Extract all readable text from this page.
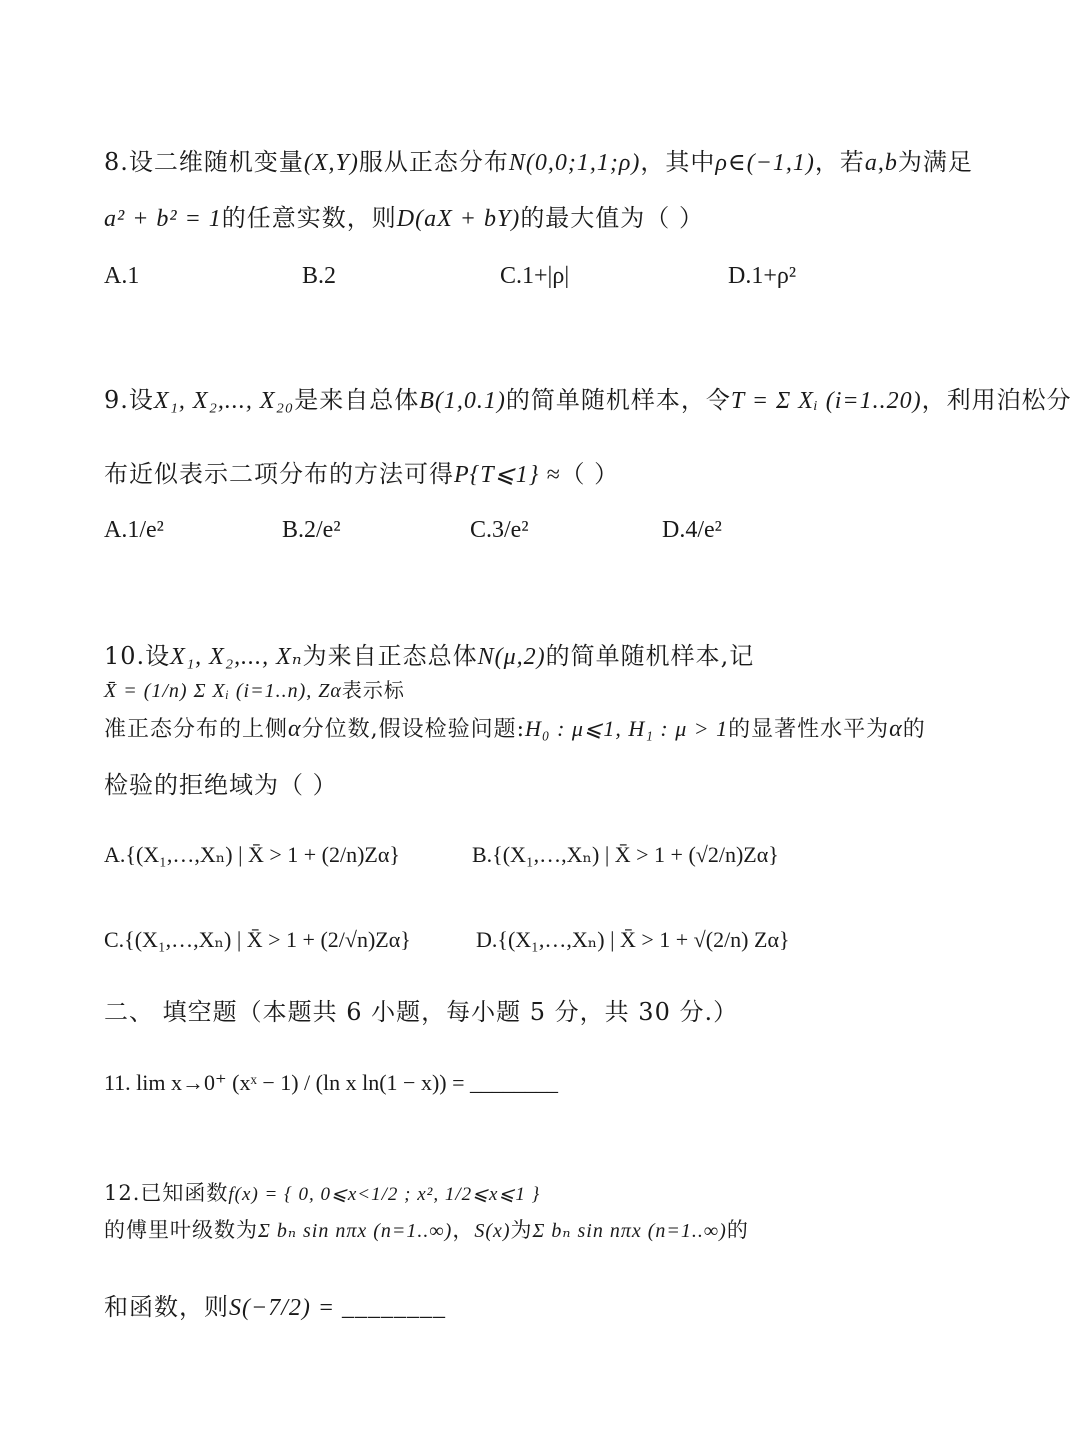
8.设二维随机变量(X,Y)服从正态分布N(0,0;1,1;ρ)，其中ρ∈(−1,1)，若a,b为满足
a² + b² = 1的任意实数，则D(aX + bY)的最大值为（ ）
A.1	B.2	C.1+|ρ|	D.1+ρ²
9.设X₁, X₂,..., X₂₀是来自总体B(1,0.1)的简单随机样本，令T = Σ Xᵢ (i=1..20)，利用泊松分
布近似表示二项分布的方法可得P{T⩽1} ≈（ ）
A.1/e²	B.2/e²	C.3/e²	D.4/e²
10.设X₁, X₂,..., Xₙ为来自正态总体N(μ,2)的简单随机样本,记
X̄ = (1/n) Σ Xᵢ (i=1..n), Zα表示标
准正态分布的上侧α分位数,假设检验问题:H₀ : μ⩽1, H₁ : μ > 1的显著性水平为α的
检验的拒绝域为（ ）
A.{(X₁,…,Xₙ) | X̄ > 1 + (2/n)Zα}	B.{(X₁,…,Xₙ) | X̄ > 1 + (√2/n)Zα}
C.{(X₁,…,Xₙ) | X̄ > 1 + (2/√n)Zα}	D.{(X₁,…,Xₙ) | X̄ > 1 + √(2/n) Zα}
二、 填空题（本题共 6 小题，每小题 5 分，共 30 分.）
11. lim x→0⁺ (xˣ − 1) / (ln x ln(1 − x)) = ________
12.已知函数f(x) = { 0, 0⩽x<1/2 ; x², 1/2⩽x⩽1 }
的傅里叶级数为Σ bₙ sin nπx (n=1..∞)，S(x)为Σ bₙ sin nπx (n=1..∞)的
和函数，则S(−7/2) = ________
